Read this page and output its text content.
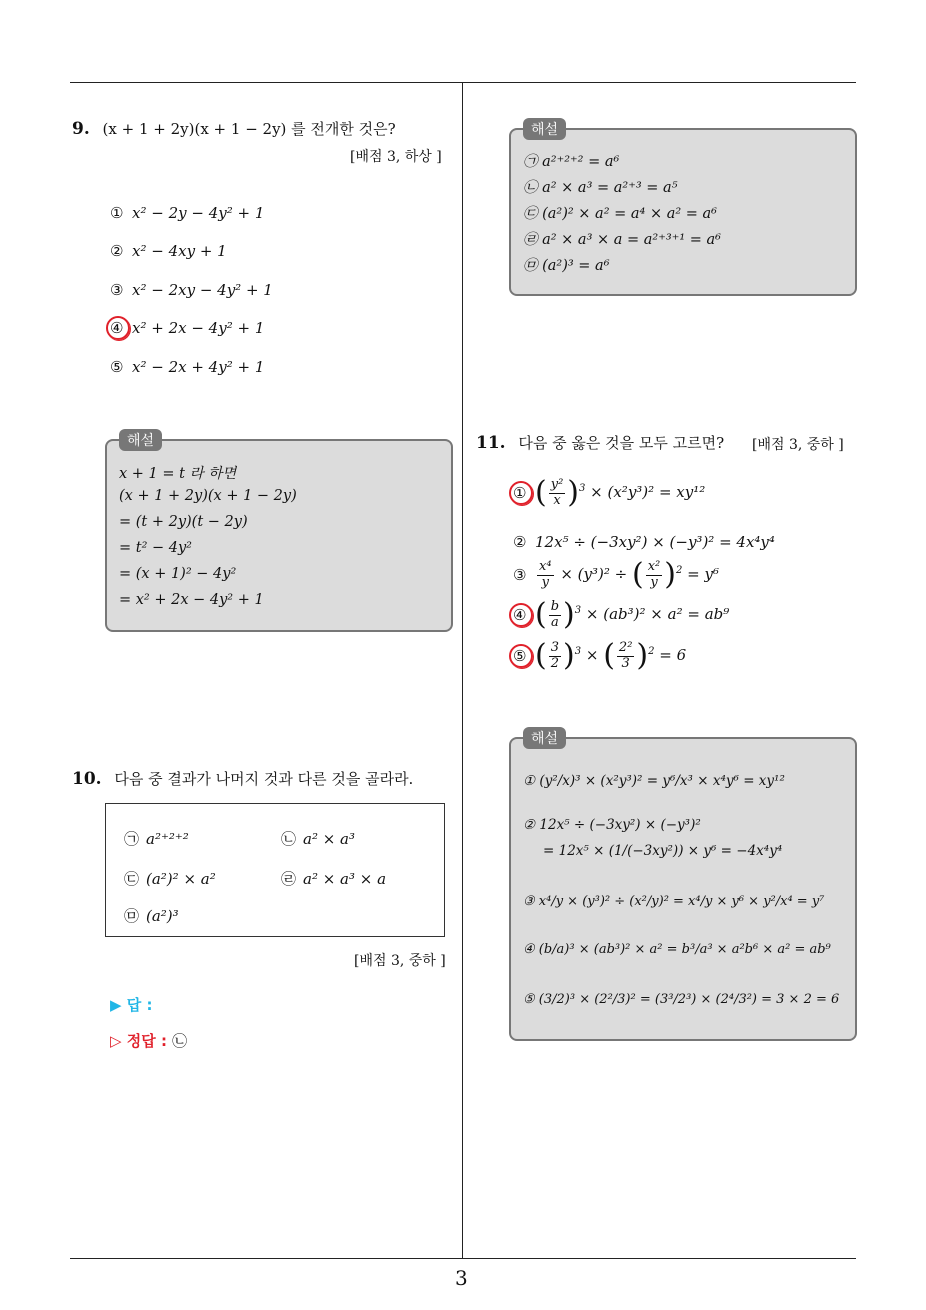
3
9. (x + 1 + 2y)(x + 1 − 2y) 를 전개한 것은?
[배점 3, 하상 ]
① x² − 2y − 4y² + 1
② x² − 4xy + 1
③ x² − 2xy − 4y² + 1
④ x² + 2x − 4y² + 1
⑤ x² − 2x + 4y² + 1
해설
x + 1 = t 라 하면
(x + 1 + 2y)(x + 1 − 2y)
= (t + 2y)(t − 2y)
= t² − 4y²
= (x + 1)² − 4y²
= x² + 2x − 4y² + 1
10. 다음 중 결과가 나머지 것과 다른 것을 골라라.
㉠ a²⁺²⁺²	㉡ a² × a³
㉢ (a²)² × a²	㉣ a² × a³ × a
㉤ (a²)³
[배점 3, 중하 ]
▶ 답 :
▷ 정답 : ㉡
해설
㉠ a²⁺²⁺² = a⁶
㉡ a² × a³ = a²⁺³ = a⁵
㉢ (a²)² × a² = a⁴ × a² = a⁶
㉣ a² × a³ × a = a²⁺³⁺¹ = a⁶
㉤ (a²)³ = a⁶
11. 다음 중 옳은 것을 모두 고르면? [배점 3, 중하 ]
① ( $\frac{\text{y²}}{x} )^3 \times (x^2y^3)^2 = xy^{12}$
② 12x⁵ ÷ (−3xy²) × (−y³)² = 4x⁴y⁴
③ $\frac{\text{x⁴}}{y} \times (y^3)^2$ ÷ ( $\frac{\text{x²}}{y} )^2 = y^6$
④ ( $\frac{b}{a} )^3 \times (ab^3)^2 \times a^2 = ab^9$
⑤ ( $\frac{3}{2} )^3$ × ( $\frac{\text{2²}}{3} )^2 = 6$
해설
① (y²/x)³ × (x²y³)² = y⁶/x³ × x⁴y⁶ = xy¹²
② 12x⁵ ÷ (−3xy²) × (−y³)²
= 12x⁵ × (1/(−3xy²)) × y⁶ = −4x⁴y⁴
③ x⁴/y × (y³)² ÷ (x²/y)² = x⁴/y × y⁶ × y²/x⁴ = y⁷
④ (b/a)³ × (ab³)² × a² = b³/a³ × a²b⁶ × a² = ab⁹
⑤ (3/2)³ × (2²/3)² = (3³/2³) × (2⁴/3²) = 3 × 2 = 6
